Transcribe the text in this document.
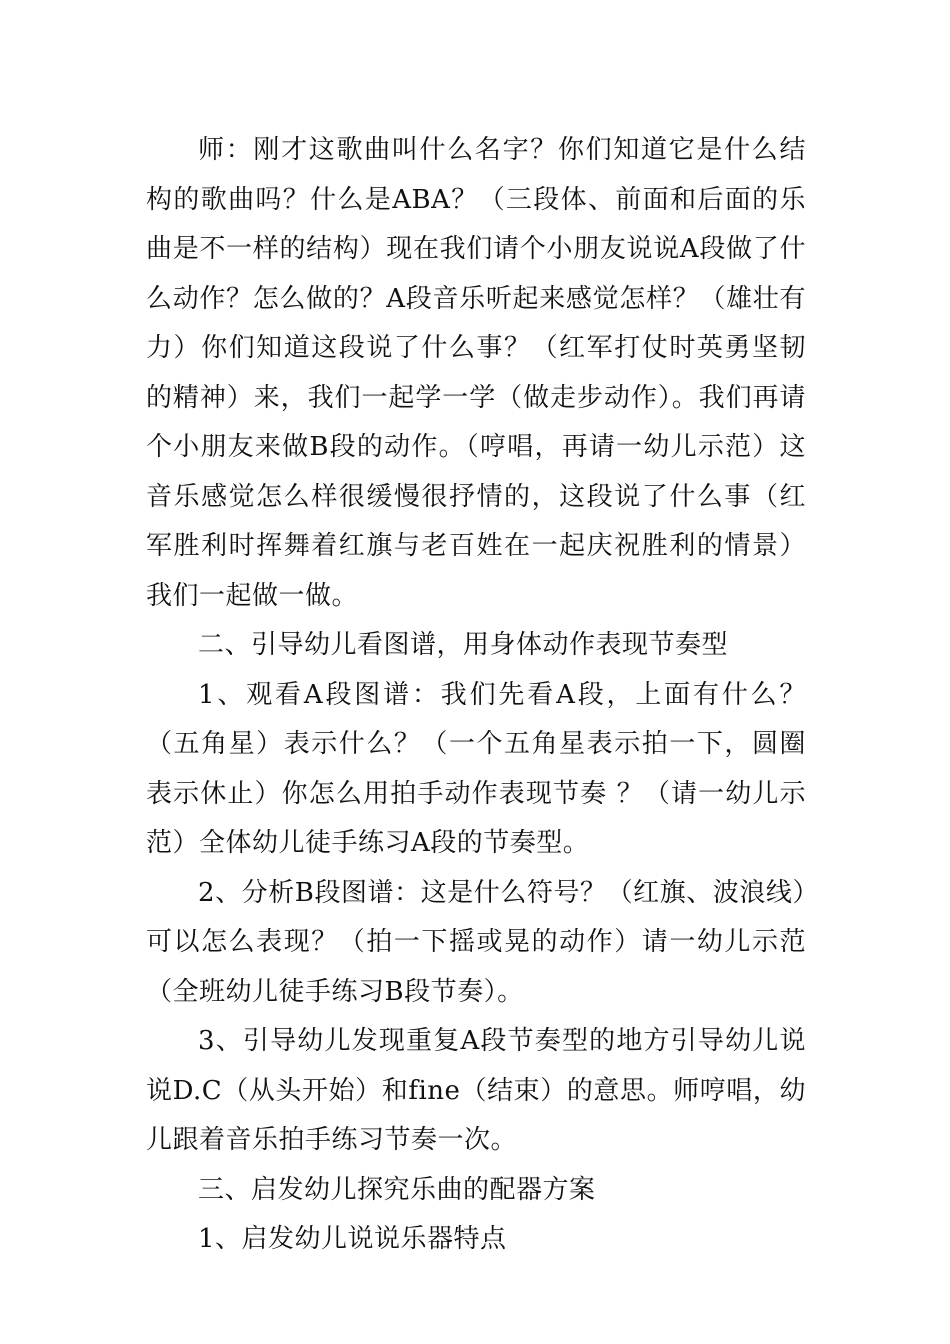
师：刚才这歌曲叫什么名字？你们知道它是什么结构的歌曲吗？什么是ABA？（三段体、前面和后面的乐曲是不一样的结构）现在我们请个小朋友说说A段做了什么动作？怎么做的？A段音乐听起来感觉怎样？（雄壮有力）你们知道这段说了什么事？（红军打仗时英勇坚韧的精神）来，我们一起学一学（做走步动作）。我们再请个小朋友来做B段的动作。（哼唱，再请一幼儿示范）这音乐感觉怎么样很缓慢很抒情的，这段说了什么事（红军胜利时挥舞着红旗与老百姓在一起庆祝胜利的情景）我们一起做一做。

二、引导幼儿看图谱，用身体动作表现节奏型

1、观看A段图谱：我们先看A段，上面有什么？（五角星）表示什么？（一个五角星表示拍一下，圆圈表示休止）你怎么用拍手动作表现节奏 ？（请一幼儿示范）全体幼儿徒手练习A段的节奏型。

2、分析B段图谱：这是什么符号？（红旗、波浪线）可以怎么表现？（拍一下摇或晃的动作）请一幼儿示范（全班幼儿徒手练习B段节奏）。

3、引导幼儿发现重复A段节奏型的地方引导幼儿说说D.C（从头开始）和fine（结束）的意思。师哼唱，幼儿跟着音乐拍手练习节奏一次。

三、启发幼儿探究乐曲的配器方案

1、启发幼儿说说乐器特点
